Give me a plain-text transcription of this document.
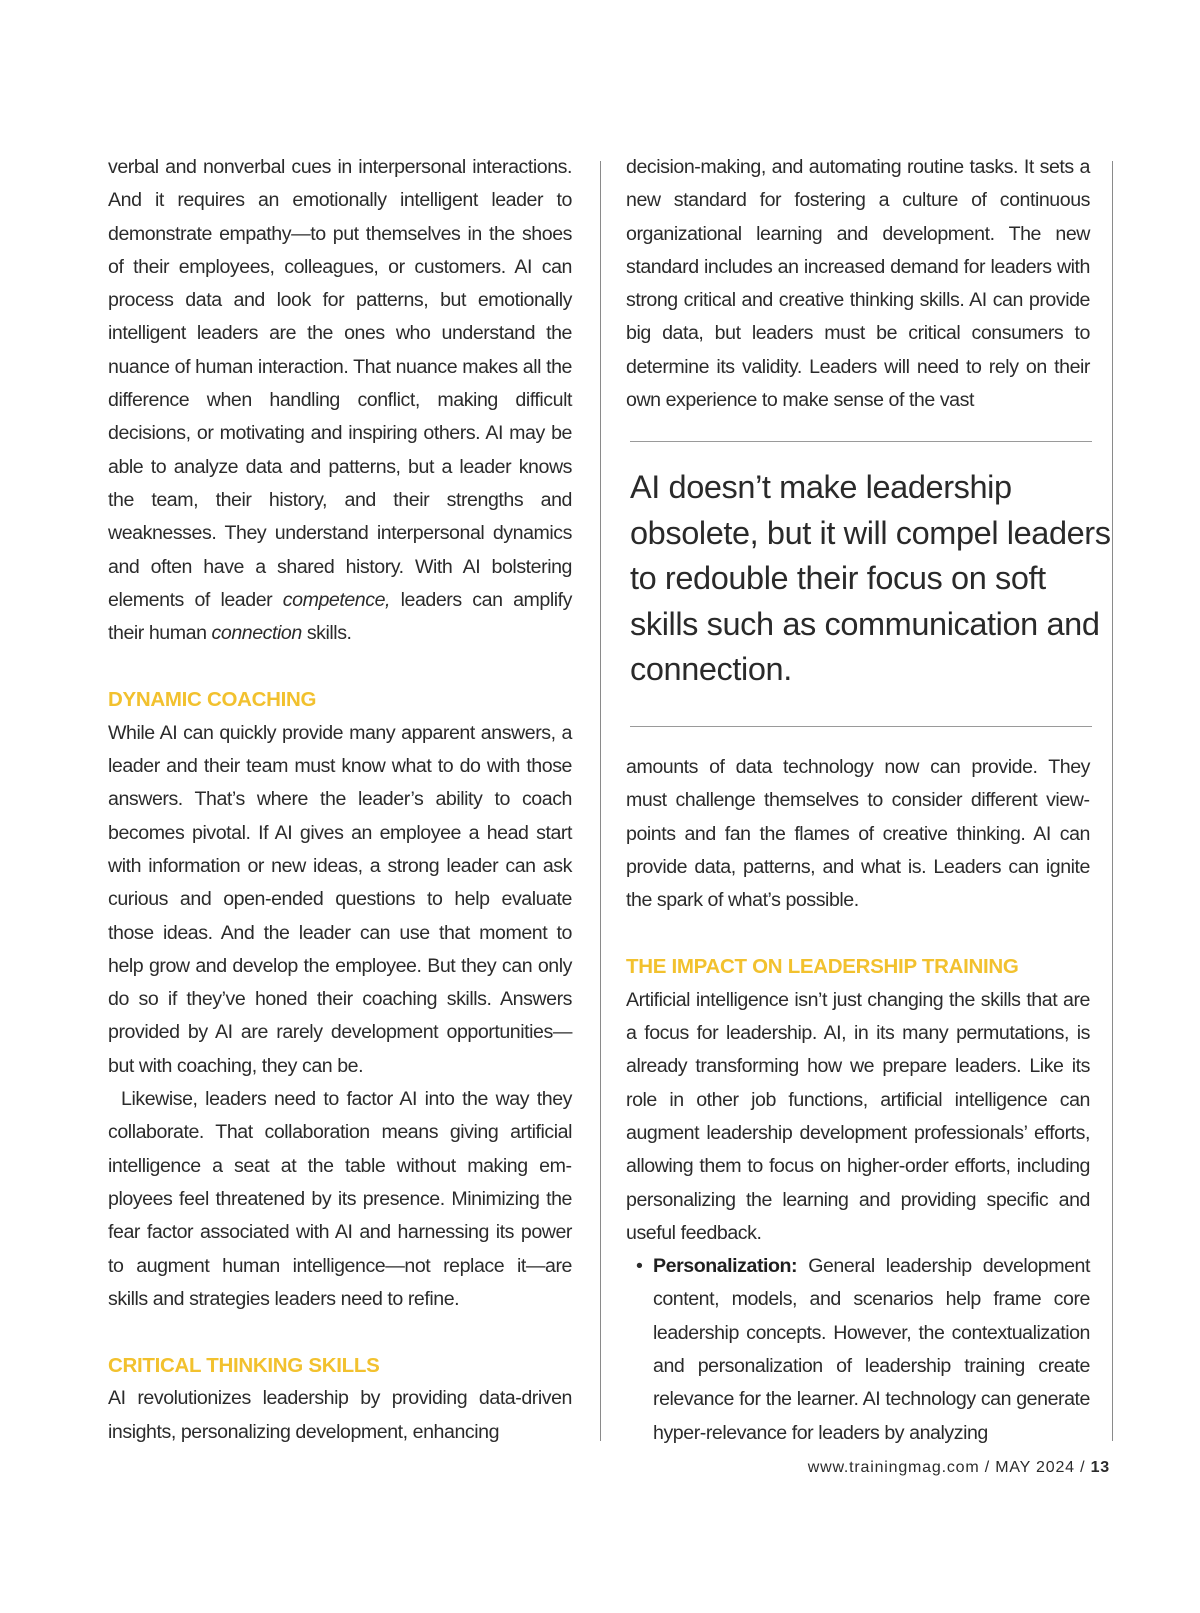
verbal and nonverbal cues in interpersonal interactions. And it requires an emotionally intelligent leader to demonstrate empathy—to put themselves in the shoes of their employees, colleagues, or customers. AI can process data and look for patterns, but emotionally intelligent leaders are the ones who understand the nuance of human interaction. That nuance makes all the difference when handling conflict, making difficult decisions, or motivating and inspiring others. AI may be able to analyze data and patterns, but a leader knows the team, their history, and their strengths and weaknesses. They understand interpersonal dynamics and often have a shared history. With AI bolstering elements of leader competence, leaders can amplify their human connection skills.

DYNAMIC COACHING

While AI can quickly provide many apparent answers, a leader and their team must know what to do with those answers. That’s where the leader’s ability to coach becomes pivotal. If AI gives an employee a head start with information or new ideas, a strong leader can ask curious and open-ended questions to help evaluate those ideas. And the leader can use that moment to help grow and develop the employee. But they can only do so if they’ve honed their coaching skills. Answers provided by AI are rarely development opportunities—but with coaching, they can be.

Likewise, leaders need to factor AI into the way they collaborate. That collaboration means giving artificial intelligence a seat at the table without making employees feel threatened by its presence. Minimizing the fear factor associated with AI and harnessing its power to augment human intelligence—not replace it—are skills and strategies leaders need to refine.

CRITICAL THINKING SKILLS

AI revolutionizes leadership by providing data-driven insights, personalizing development, enhancing

decision-making, and automating routine tasks. It sets a new standard for fostering a culture of continuous organizational learning and development. The new standard includes an increased demand for leaders with strong critical and creative thinking skills. AI can provide big data, but leaders must be critical consumers to determine its validity. Leaders will need to rely on their own experience to make sense of the vast

AI doesn’t make leadership obsolete, but it will compel leaders to redouble their focus on soft skills such as communication and connection.

amounts of data technology now can provide. They must challenge themselves to consider different viewpoints and fan the flames of creative thinking. AI can provide data, patterns, and what is. Leaders can ignite the spark of what’s possible.

THE IMPACT ON LEADERSHIP TRAINING

Artificial intelligence isn’t just changing the skills that are a focus for leadership. AI, in its many permutations, is already transforming how we prepare leaders. Like its role in other job functions, artificial intelligence can augment leadership development professionals’ efforts, allowing them to focus on higher-order efforts, including personalizing the learning and providing specific and useful feedback.

• Personalization: General leadership development content, models, and scenarios help frame core leadership concepts. However, the contextualization and personalization of leadership training create relevance for the learner. AI technology can generate hyper-relevance for leaders by analyzing
www.trainingmag.com / MAY 2024 / 13
